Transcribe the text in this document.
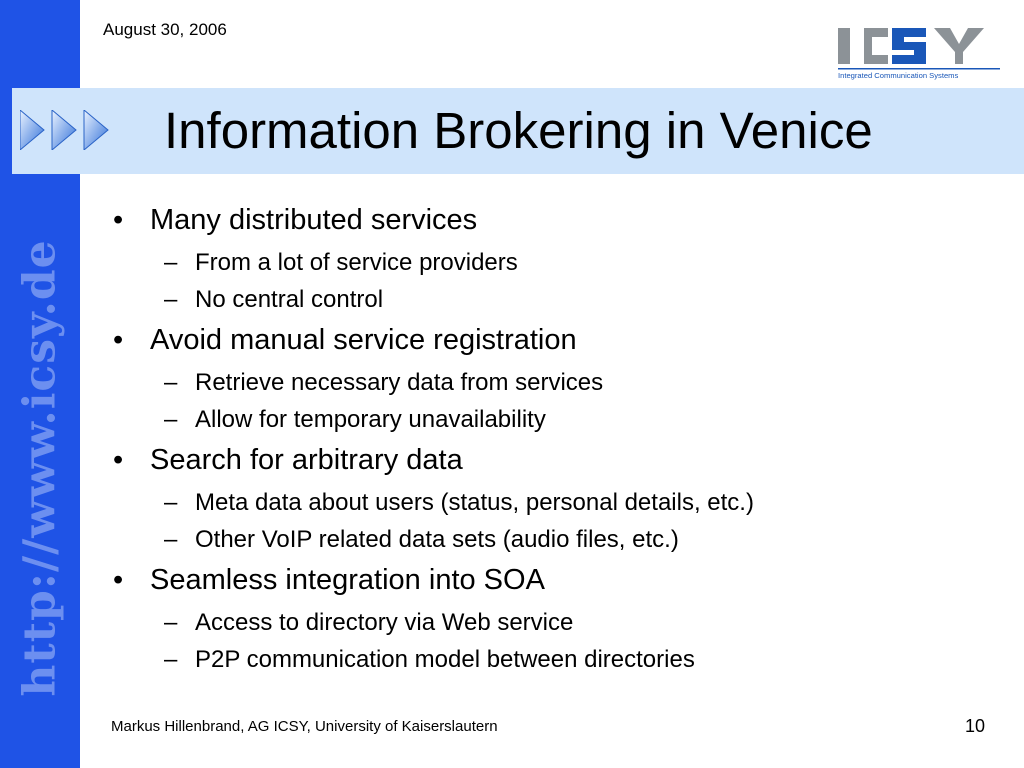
http://www.icsy.de
August 30, 2006
Integrated Communication Systems
Information Brokering in Venice
• Many distributed services
– From a lot of service providers
– No central control
• Avoid manual service registration
– Retrieve necessary data from services
– Allow for temporary unavailability
• Search for arbitrary data
– Meta data about users (status, personal details, etc.)
– Other VoIP related data sets (audio files, etc.)
• Seamless integration into SOA
– Access to directory via Web service
– P2P communication model between directories
Markus Hillenbrand, AG ICSY, University of Kaiserslautern	10
